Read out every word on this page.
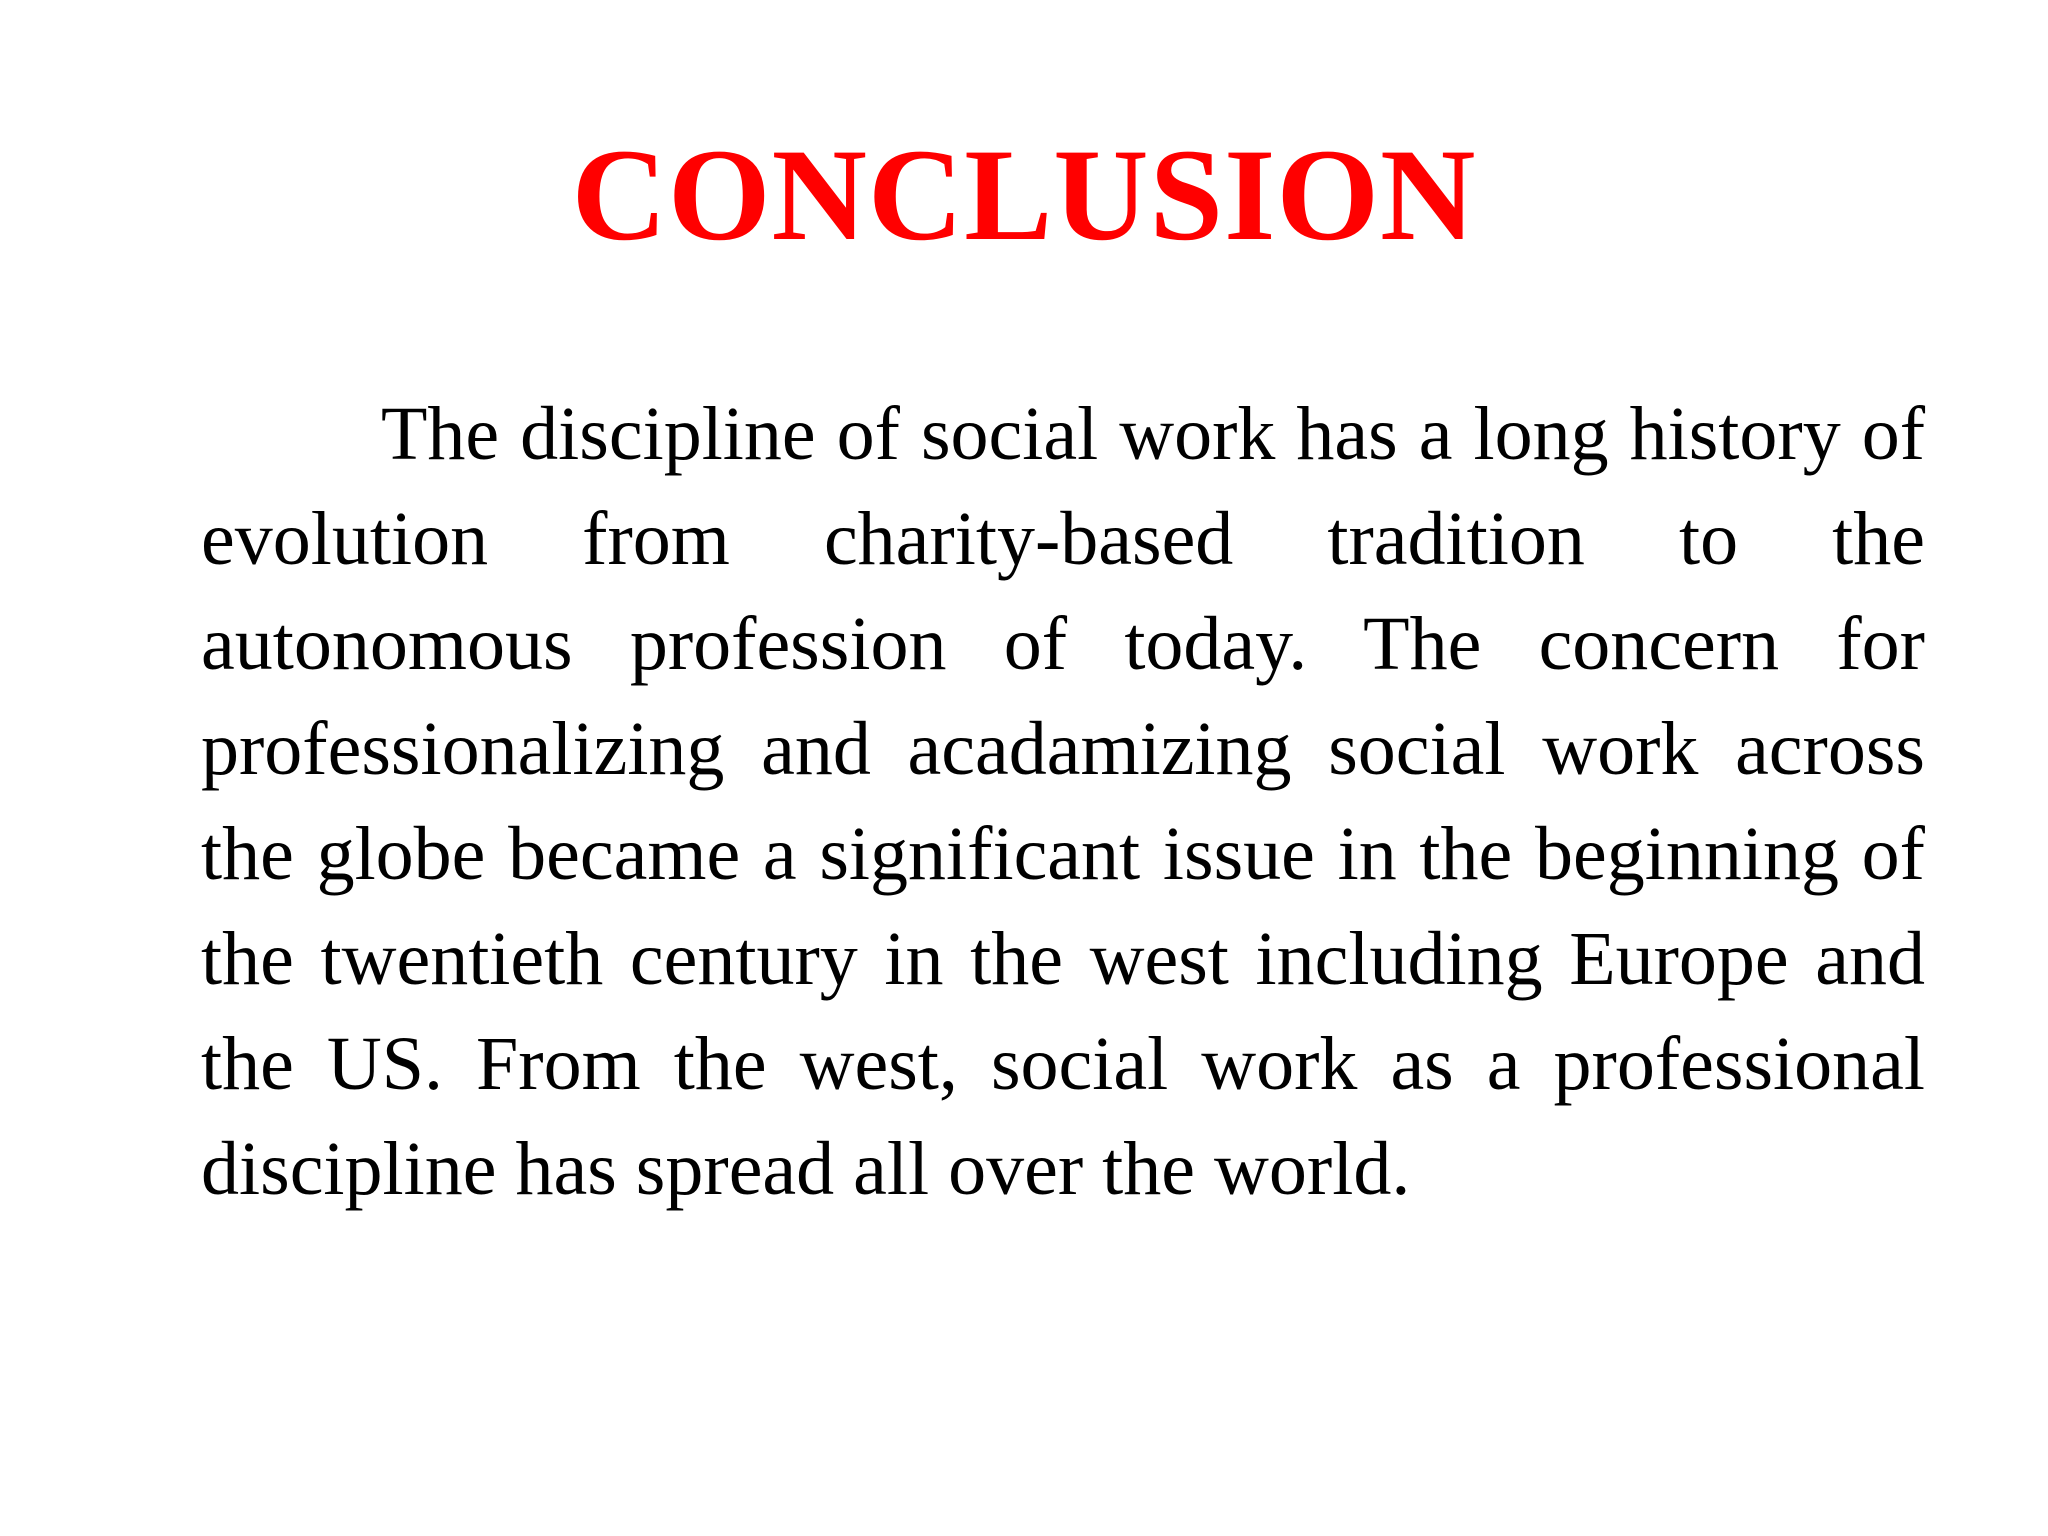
CONCLUSION

The discipline of social work has a long history of evolution from charity-based tradition to the autonomous profession of today. The concern for professionalizing and acadamizing social work across the globe became a significant issue in the beginning of the twentieth century in the west including Europe and the US. From the west, social work as a professional discipline has spread all over the world.
